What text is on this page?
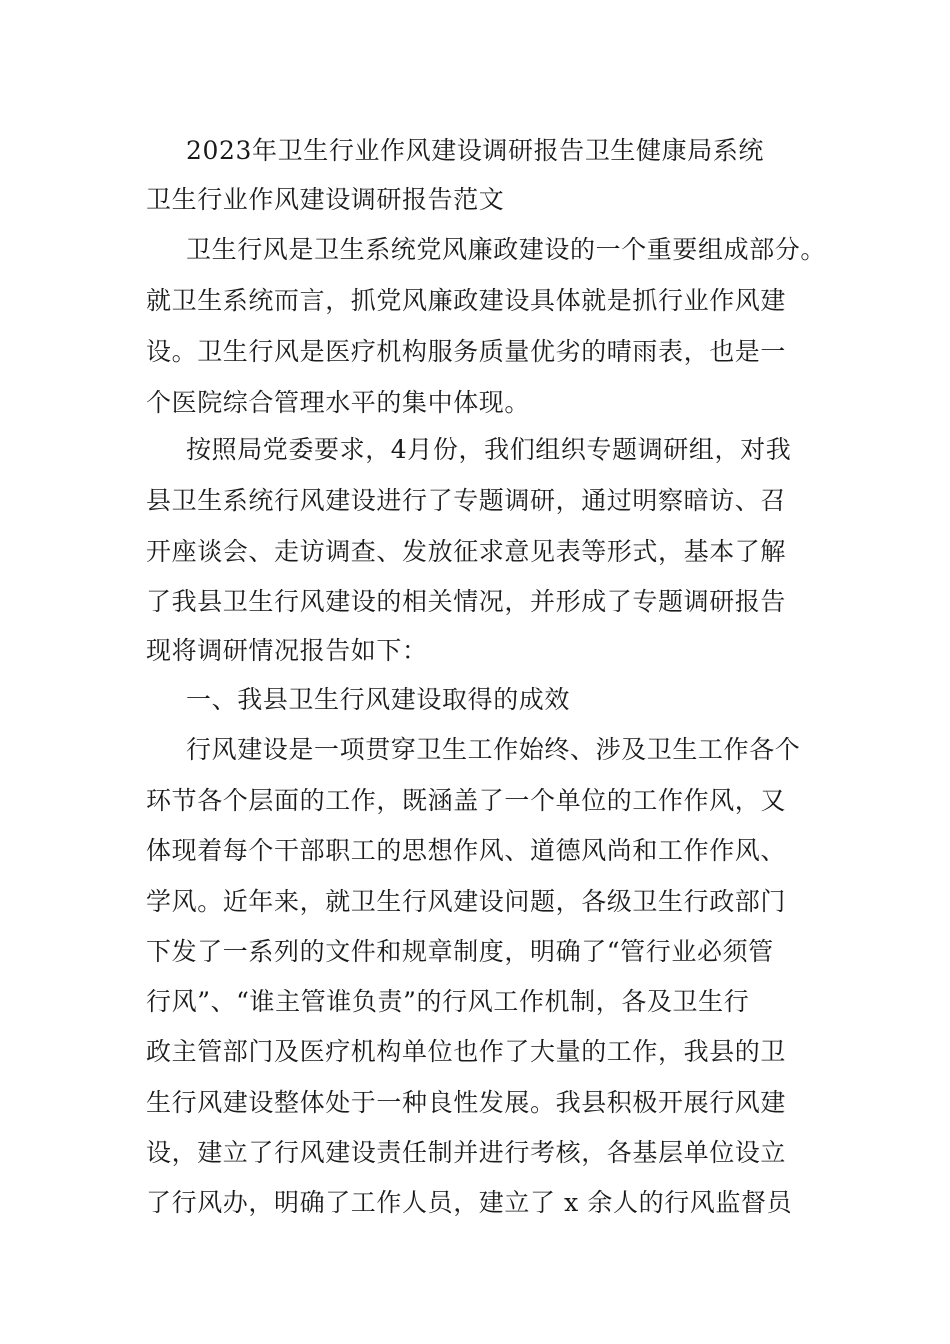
2023年卫生行业作风建设调研报告卫生健康局系统

卫生行业作风建设调研报告范文

卫生行风是卫生系统党风廉政建设的一个重要组成部分。

就卫生系统而言，抓党风廉政建设具体就是抓行业作风建

设。卫生行风是医疗机构服务质量优劣的晴雨表，也是一

个医院综合管理水平的集中体现。

按照局党委要求，4月份，我们组织专题调研组，对我

县卫生系统行风建设进行了专题调研，通过明察暗访、召

开座谈会、走访调查、发放征求意见表等形式，基本了解

了我县卫生行风建设的相关情况，并形成了专题调研报告

现将调研情况报告如下：

一、我县卫生行风建设取得的成效

行风建设是一项贯穿卫生工作始终、涉及卫生工作各个

环节各个层面的工作，既涵盖了一个单位的工作作风，又

体现着每个干部职工的思想作风、道德风尚和工作作风、

学风。近年来，就卫生行风建设问题，各级卫生行政部门

下发了一系列的文件和规章制度，明确了“管行业必须管

行风”、“谁主管谁负责”的行风工作机制，各及卫生行

政主管部门及医疗机构单位也作了大量的工作，我县的卫

生行风建设整体处于一种良性发展。我县积极开展行风建

设，建立了行风建设责任制并进行考核，各基层单位设立

了行风办，明确了工作人员，建立了 x 余人的行风监督员
